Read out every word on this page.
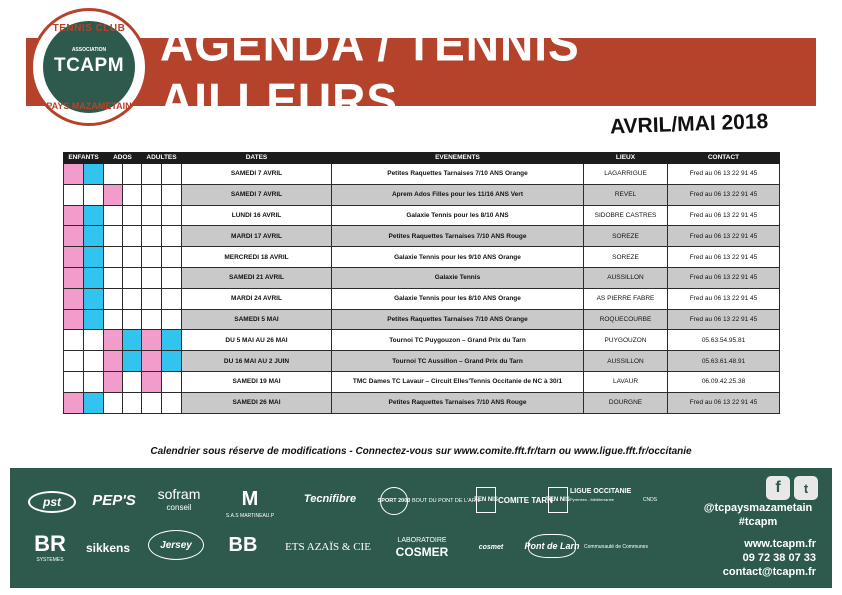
AGENDA / TENNIS AILLEURS
TENNIS CLUB
ASSOCIATION
TCAPM
PAYS MAZAMETAIN
AVRIL/MAI 2018
ENFANTS		ADOS		ADULTES		DATES	EVENEMENTS	LIEUX	CONTACT
						SAMEDI 7 AVRIL	Petites Raquettes Tarnaises 7/10 ANS Orange	LAGARRIGUE	Fred au 06 13 22 91 45
						SAMEDI 7 AVRIL	Aprem Ados Filles pour les 11/16 ANS Vert	REVEL	Fred au 06 13 22 91 45
						LUNDI 16 AVRIL	Galaxie Tennis pour les 8/10 ANS	SIDOBRE CASTRES	Fred au 06 13 22 91 45
						MARDI 17 AVRIL	Petites Raquettes Tarnaises 7/10 ANS Rouge	SOREZE	Fred au 06 13 22 91 45
						MERCREDI 18 AVRIL	Galaxie Tennis pour les 9/10 ANS Orange	SOREZE	Fred au 06 13 22 91 45
						SAMEDI 21 AVRIL	Galaxie Tennis	AUSSILLON	Fred au 06 13 22 91 45
						MARDI 24 AVRIL	Galaxie Tennis pour les 8/10 ANS Orange	AS PIERRE FABRE	Fred au 06 13 22 91 45
						SAMEDI 5 MAI	Petites Raquettes Tarnaises 7/10 ANS Orange	ROQUECOURBE	Fred au 06 13 22 91 45
						DU 5 MAI AU 26 MAI	Tournoi TC Puygouzon – Grand Prix du Tarn	PUYGOUZON	05.63.54.95.81
						DU 16 MAI AU 2 JUIN	Tournoi TC Aussillon – Grand Prix du Tarn	AUSSILLON	05.63.61.48.91
						SAMEDI 19 MAI	TMC Dames TC Lavaur – Circuit Elles'Tennis Occitanie de NC à 30/1	LAVAUR	06.09.42.25.38
						SAMEDI 26 MAI	Petites Raquettes Tarnaises 7/10 ANS Rouge	DOURGNE	Fred au 06 13 22 91 45
Calendrier sous réserve de modifications - Connectez-vous sur www.comite.fft.fr/tarn ou www.ligue.fft.fr/occitanie
pst	PEP'S	sofram
conseil	M
S.A.S MARTINEAU.P
Tecnifibre	SPORT 2000 BOUT DU PONT DE L'ARN
TEN NIS COMITE TARN
TEN NIS
LIGUE OCCITANIE
Pyrénées - Méditerranée	CNDS
BR
SYSTEMES
sikkens	Jersey	BB	ETS AZAÏS & CIE
LABORATOIRE
COSMER	cosmet	Pont de Larn Communauté de Communes
f	t
@tcpaysmazametain
#tcapm
www.tcapm.fr
09 72 38 07 33
contact@tcapm.fr
